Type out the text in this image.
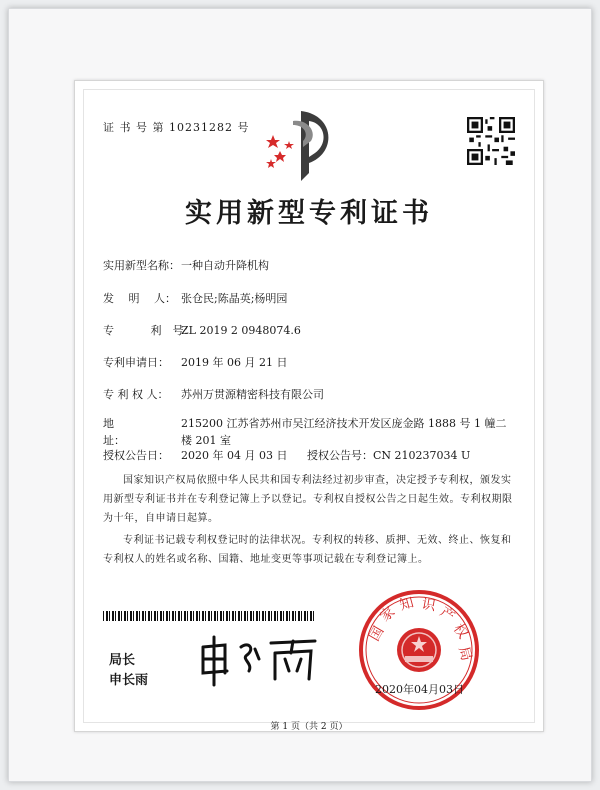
证 书 号 第 10231282 号
实用新型专利证书
实用新型名称：一种自动升降机构
发　 明　 人： 张仓民;陈晶英;杨明园
专　　　 利　号：ZL 2019 2 0948074.6
专利申请日： 2019 年 06 月 21 日
专 利 权 人： 苏州万贯源精密科技有限公司
地　　　　 址：215200 江苏省苏州市吴江经济技术开发区庞金路 1888 号 1 幢二楼 201 室
授权公告日： 2020 年 04 月 03 日 授权公告号：CN 210237034 U
国家知识产权局依照中华人民共和国专利法经过初步审查，决定授予专利权，颁发实用新型专利证书并在专利登记簿上予以登记。专利权自授权公告之日起生效。专利权期限为十年，自申请日起算。
专利证书记载专利权登记时的法律状况。专利权的转移、质押、无效、终止、恢复和专利权人的姓名或名称、国籍、地址变更等事项记载在专利登记簿上。
局长
申长雨
国
家 知 识 产
权
局
2020年04月03日
第 1 页（共 2 页）
